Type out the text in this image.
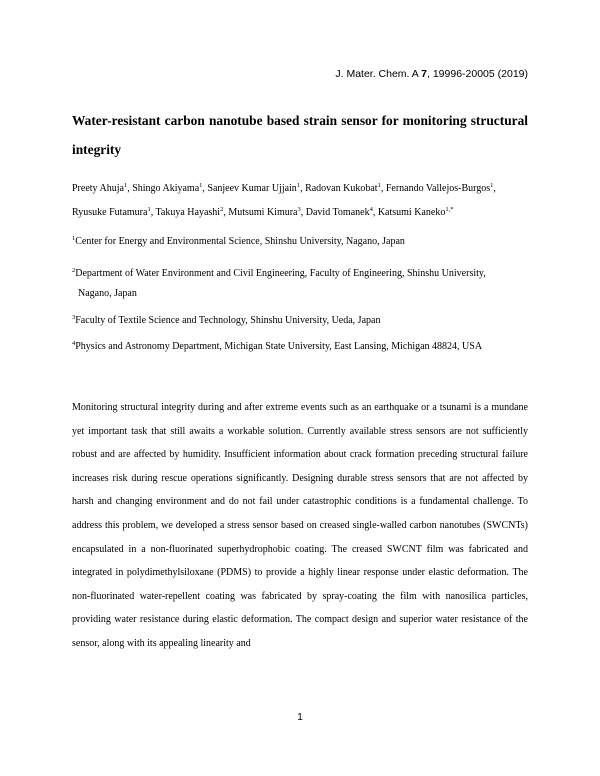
J. Mater. Chem. A 7, 19996-20005 (2019)
Water-resistant carbon nanotube based strain sensor for monitoring structural integrity

Preety Ahuja$^1$, Shingo Akiyama$^1$, Sanjeev Kumar Ujjain$^1$, Radovan Kukobat$^1$, Fernando Vallejos-Burgos$^1$,
Ryusuke Futamura$^1$, Takuya Hayashi$^2$, Mutsumi Kimura$^3$, David Tomanek$^4$, Katsumi Kaneko$^{1,*}$

$^1$Center for Energy and Environmental Science, Shinshu University, Nagano, Japan

$^2$Department of Water Environment and Civil Engineering, Faculty of Engineering, Shinshu University,
Nagano, Japan

$^3$Faculty of Textile Science and Technology, Shinshu University, Ueda, Japan

$^4$Physics and Astronomy Department, Michigan State University, East Lansing, Michigan 48824, USA

Monitoring structural integrity during and after extreme events such as an earthquake or a tsunami is a mundane yet important task that still awaits a workable solution. Currently available stress sensors are not sufficiently robust and are affected by humidity. Insufficient information about crack formation preceding structural failure increases risk during rescue operations significantly. Designing durable stress sensors that are not affected by harsh and changing environment and do not fail under catastrophic conditions is a fundamental challenge. To address this problem, we developed a stress sensor based on creased single-walled carbon nanotubes (SWCNTs) encapsulated in a non-fluorinated superhydrophobic coating. The creased SWCNT film was fabricated and integrated in polydimethylsiloxane (PDMS) to provide a highly linear response under elastic deformation. The non-fluorinated water-repellent coating was fabricated by spray-coating the film with nanosilica particles, providing water resistance during elastic deformation. The compact design and superior water resistance of the sensor, along with its appealing linearity and

1
